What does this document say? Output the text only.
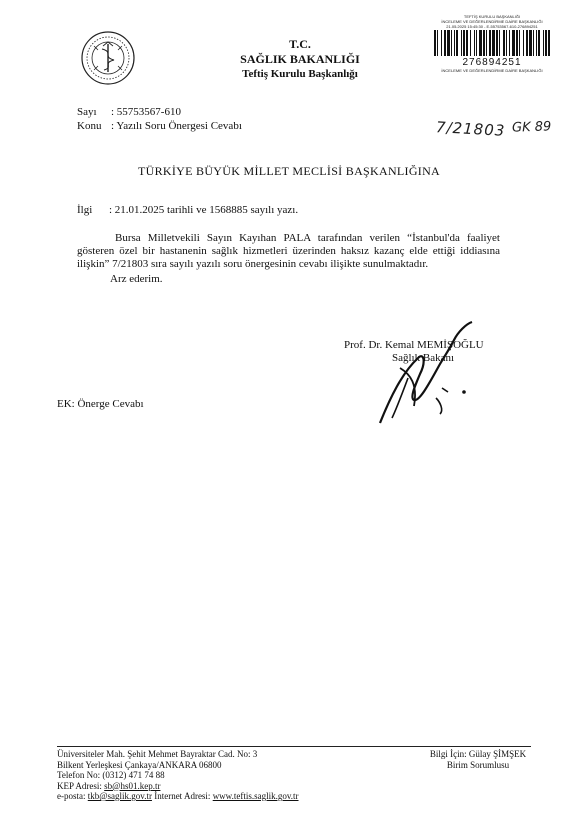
T.C.
SAĞLIK BAKANLIĞI
Teftiş Kurulu Başkanlığı
TEFTİŞ KURULU BAŞKANLIĞI
İNCELEME VE DEĞERLENDİRME DAİRE BAŞKANLIĞI
21.05.2025 15:45:30 - E-55753567-610-276894251
276894251
İNCELEME VE DEĞERLENDİRME DAİRE BAŞKANLIĞI
Sayı : 55753567-610
Konu : Yazılı Soru Önergesi Cevabı	7/21803 GK 89
TÜRKİYE BÜYÜK MİLLET MECLİSİ BAŞKANLIĞINA
İlgi : 21.01.2025 tarihli ve 1568885 sayılı yazı.
Bursa Milletvekili Sayın Kayıhan PALA tarafından verilen “İstanbul'da faaliyet gösteren özel bir hastanenin sağlık hizmetleri üzerinden haksız kazanç elde ettiği iddiasına ilişkin” 7/21803 sıra sayılı yazılı soru önergesinin cevabı ilişikte sunulmaktadır.
Arz ederim.
Prof. Dr. Kemal MEMİŞOĞLU
Sağlık Bakanı
EK: Önerge Cevabı
Üniversiteler Mah. Şehit Mehmet Bayraktar Cad. No: 3
Bilkent Yerleşkesi Çankaya/ANKARA 06800
Telefon No: (0312) 471 74 88
KEP Adresi: sb@hs01.kep.tr
e-posta: tkb@saglik.gov.tr İnternet Adresi: www.teftis.saglik.gov.tr
Bilgi İçin: Gülay ŞİMŞEK
Birim Sorumlusu
